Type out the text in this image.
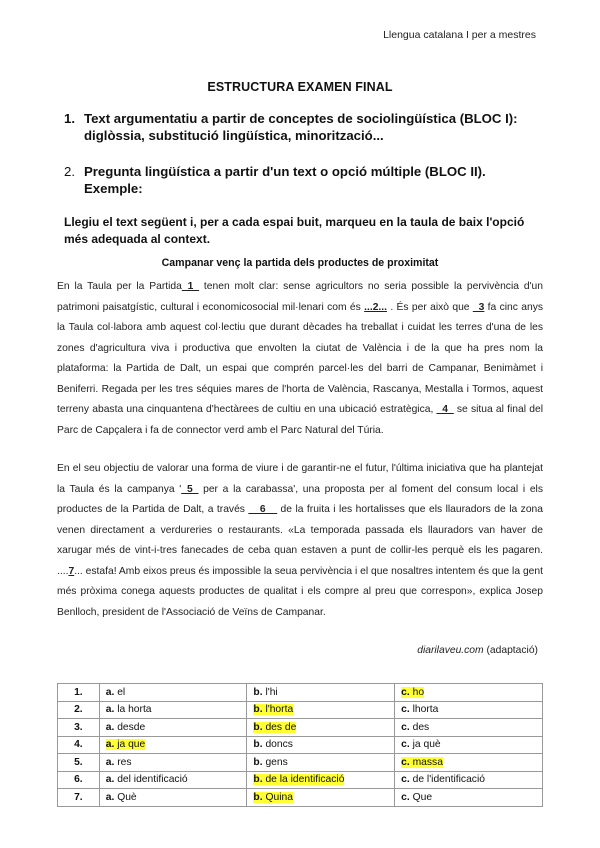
Llengua catalana I per a mestres
ESTRUCTURA EXAMEN FINAL
1. Text argumentatiu a partir de conceptes de sociolingüística (BLOC I): diglòssia, substitució lingüística, minorització...
2. Pregunta lingüística a partir d'un text o opció múltiple (BLOC II). Exemple:
Llegiu el text següent i, per a cada espai buit, marqueu en la taula de baix l'opció més adequada al context.
Campanar venç la partida dels productes de proximitat
En la Taula per la Partida_1_ tenen molt clar: sense agricultors no seria possible la pervivència d'un patrimoni paisatgístic, cultural i economicosocial mil·lenari com és ...2... . És per això que _3 fa cinc anys la Taula col·labora amb aquest col·lectiu que durant dècades ha treballat i cuidat les terres d'una de les zones d'agricultura viva i productiva que envolten la ciutat de València i de la que ha pres nom la plataforma: la Partida de Dalt, un espai que comprén parcel·les del barri de Campanar, Benimàmet i Beniferri. Regada per les tres séquies mares de l'horta de València, Rascanya, Mestalla i Tormos, aquest terreny abasta una cinquantena d'hectàrees de cultiu en una ubicació estratègica, _4_ se situa al final del Parc de Capçalera i fa de connector verd amb el Parc Natural del Túria.
En el seu objectiu de valorar una forma de viure i de garantir-ne el futur, l'última iniciativa que ha plantejat la Taula és la campanya '_5_ per a la carabassa', una proposta per al foment del consum local i els productes de la Partida de Dalt, a través __6__ de la fruita i les hortalisses que els llauradors de la zona venen directament a verdureries o restaurants. «La temporada passada els llauradors van haver de xarugar més de vint-i-tres fanecades de ceba quan estaven a punt de collir-les perquè els les pagaren. ....7... estafa! Amb eixos preus és impossible la seua pervivència i el que nosaltres intentem és que la gent més pròxima conega aquests productes de qualitat i els compre al preu que correspon», explica Josep Benlloch, president de l'Associació de Veïns de Campanar.
diarilaveu.com (adaptació)
1.	a. el	b. l'hi	c. ho
2.	a. la horta	b. l'horta	c. lhorta
3.	a. desde	b. des de	c. des
4.	a. ja que	b. doncs	c. ja què
5.	a. res	b. gens	c. massa
6.	a. del identificació	b. de la identificació	c. de l'identificació
7.	a. Què	b. Quina	c. Que
